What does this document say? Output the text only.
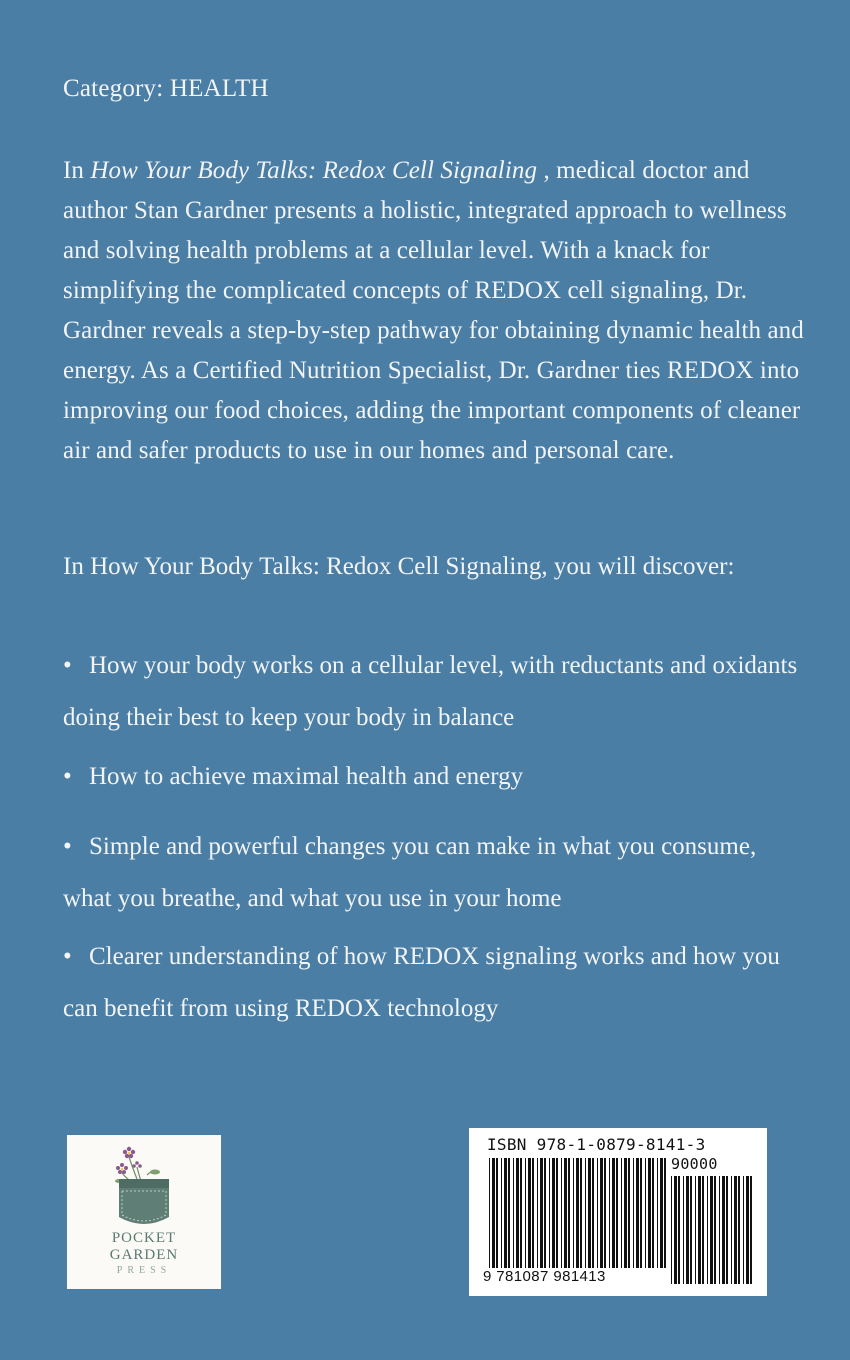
Category: HEALTH

In How Your Body Talks: Redox Cell Signaling , medical doctor and author Stan Gardner presents a holistic, integrated approach to wellness and solving health problems at a cellular level. With a knack for simplifying the complicated concepts of REDOX cell signaling, Dr. Gardner reveals a step-by-step pathway for obtaining dynamic health and energy. As a Certified Nutrition Specialist, Dr. Gardner ties REDOX into improving our food choices, adding the important components of cleaner air and safer products to use in our homes and personal care.

In How Your Body Talks: Redox Cell Signaling, you will discover:

• How your body works on a cellular level, with reductants and oxidants doing their best to keep your body in balance

• How to achieve maximal health and energy

• Simple and powerful changes you can make in what you consume, what you breathe, and what you use in your home

• Clearer understanding of how REDOX signaling works and how you can benefit from using REDOX technology

POCKET
GARDEN
PRESS
ISBN 978-1-0879-8141-3
90000
9 781087 981413
